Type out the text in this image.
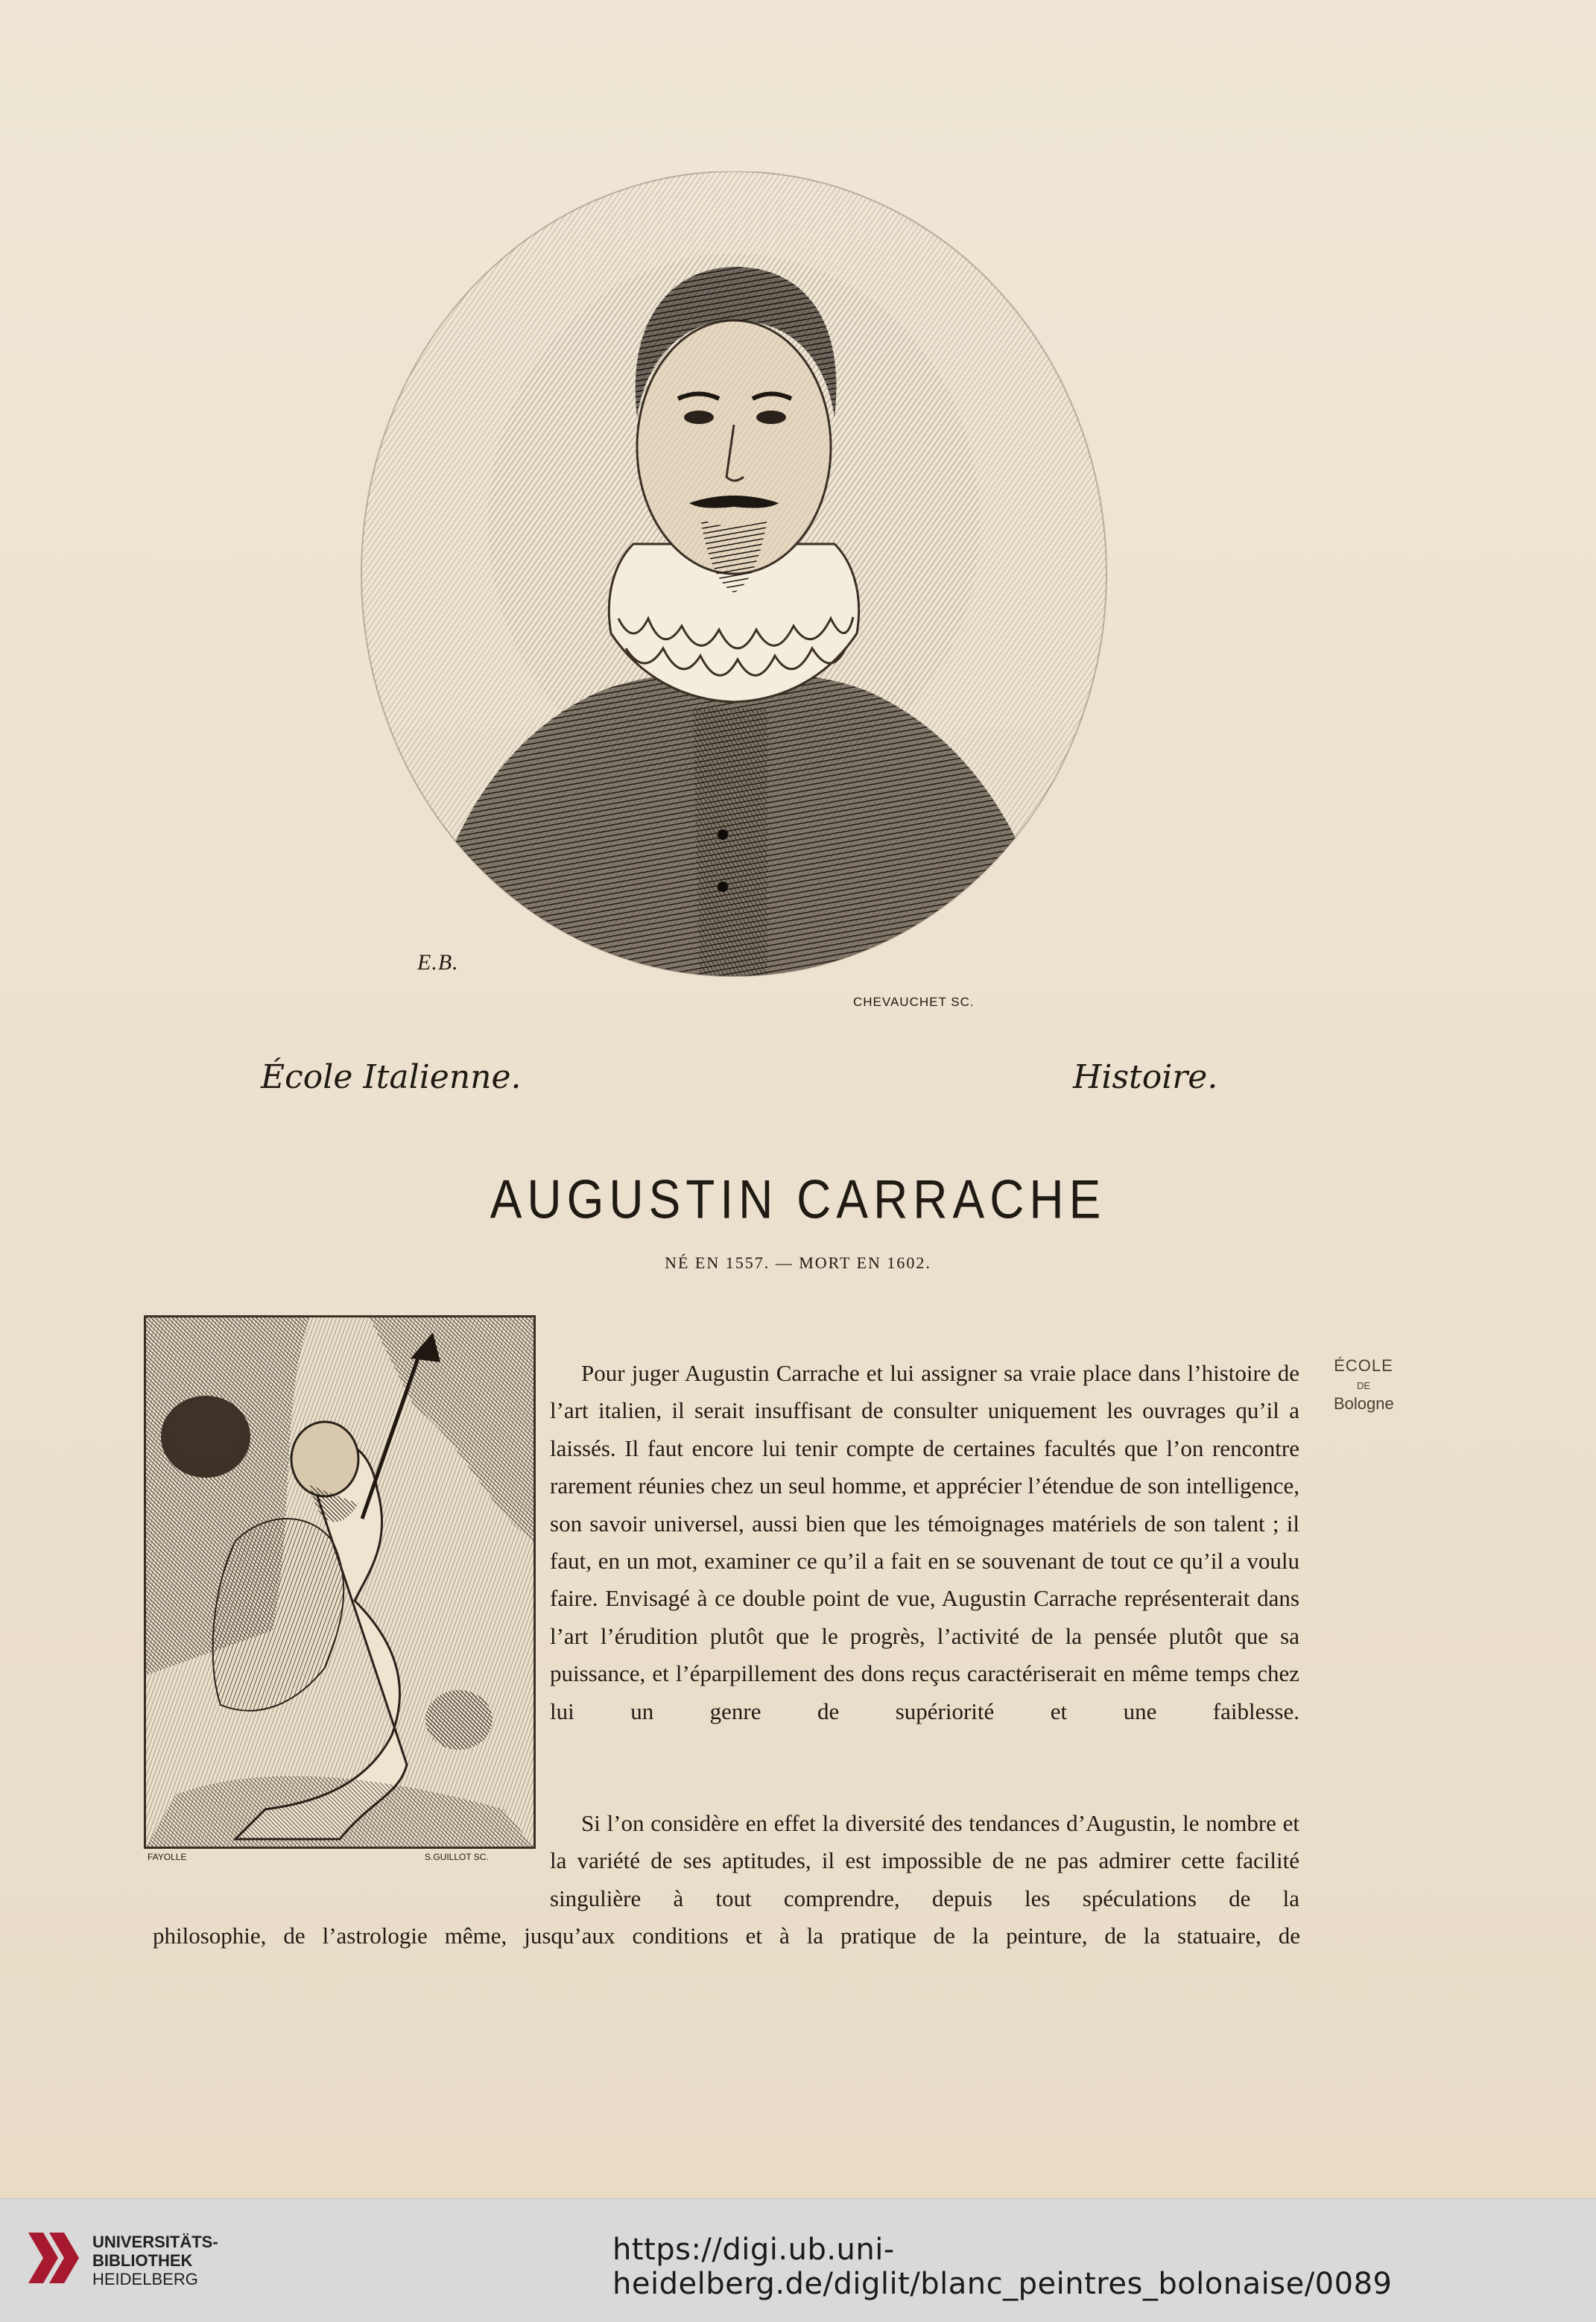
E.B.
CHEVAUCHET SC.
École Italienne.	Histoire.
AUGUSTIN CARRACHE
NÉ EN 1557. — MORT EN 1602.
FAYOLLE	S.GUILLOT SC.
ÉCOLE
DE
Bologne
Pour juger Augustin Carrache et lui assigner sa vraie place dans l’histoire de l’art italien, il serait insuffisant de consulter uniquement les ouvrages qu’il a laissés. Il faut encore lui tenir compte de certaines facultés que l’on rencontre rarement réunies chez un seul homme, et apprécier l’étendue de son intelligence, son savoir universel, aussi bien que les témoignages matériels de son talent ; il faut, en un mot, examiner ce qu’il a fait en se souvenant de tout ce qu’il a voulu faire. Envisagé à ce double point de vue, Augustin Carrache représenterait dans l’art l’érudition plutôt que le progrès, l’activité de la pensée plutôt que sa puissance, et l’éparpillement des dons reçus caractériserait en même temps chez lui un genre de supériorité et une faiblesse.
Si l’on considère en effet la diversité des tendances d’Augustin, le nombre et la variété de ses aptitudes, il est impossible de ne pas admirer cette facilité singulière à tout comprendre, depuis les spéculations de la
philosophie, de l’astrologie même, jusqu’aux conditions et à la pratique de la peinture, de la statuaire, de
UNIVERSITÄTS-
BIBLIOTHEK
HEIDELBERG
https://digi.ub.uni-heidelberg.de/diglit/blanc_peintres_bolonaise/0089
